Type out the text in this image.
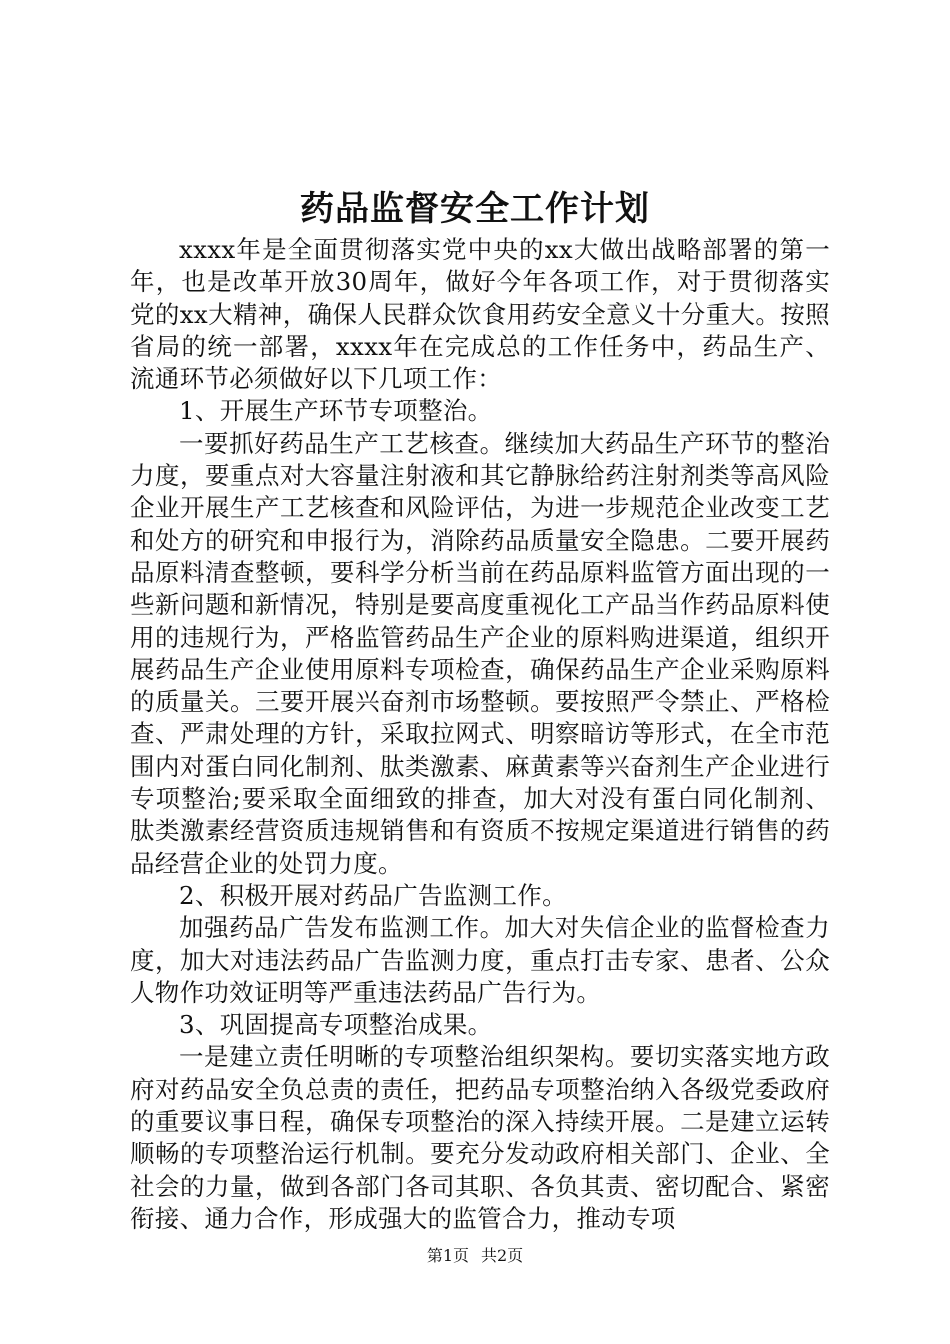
药品监督安全工作计划

xxxx年是全面贯彻落实党中央的xx大做出战略部署的第一年，也是改革开放30周年，做好今年各项工作，对于贯彻落实党的xx大精神，确保人民群众饮食用药安全意义十分重大。按照省局的统一部署，xxxx年在完成总的工作任务中，药品生产、流通环节必须做好以下几项工作：

1、开展生产环节专项整治。

一要抓好药品生产工艺核查。继续加大药品生产环节的整治力度，要重点对大容量注射液和其它静脉给药注射剂类等高风险企业开展生产工艺核查和风险评估，为进一步规范企业改变工艺和处方的研究和申报行为，消除药品质量安全隐患。二要开展药品原料清查整顿，要科学分析当前在药品原料监管方面出现的一些新问题和新情况，特别是要高度重视化工产品当作药品原料使用的违规行为，严格监管药品生产企业的原料购进渠道，组织开展药品生产企业使用原料专项检查，确保药品生产企业采购原料的质量关。三要开展兴奋剂市场整顿。要按照严令禁止、严格检查、严肃处理的方针，采取拉网式、明察暗访等形式，在全市范围内对蛋白同化制剂、肽类激素、麻黄素等兴奋剂生产企业进行专项整治;要采取全面细致的排查，加大对没有蛋白同化制剂、肽类激素经营资质违规销售和有资质不按规定渠道进行销售的药品经营企业的处罚力度。

2、积极开展对药品广告监测工作。

加强药品广告发布监测工作。加大对失信企业的监督检查力度，加大对违法药品广告监测力度，重点打击专家、患者、公众人物作功效证明等严重违法药品广告行为。

3、巩固提高专项整治成果。

一是建立责任明晰的专项整治组织架构。要切实落实地方政府对药品安全负总责的责任，把药品专项整治纳入各级党委政府的重要议事日程，确保专项整治的深入持续开展。二是建立运转顺畅的专项整治运行机制。要充分发动政府相关部门、企业、全社会的力量，做到各部门各司其职、各负其责、密切配合、紧密衔接、通力合作，形成强大的监管合力，推动专项

第1页 共2页
